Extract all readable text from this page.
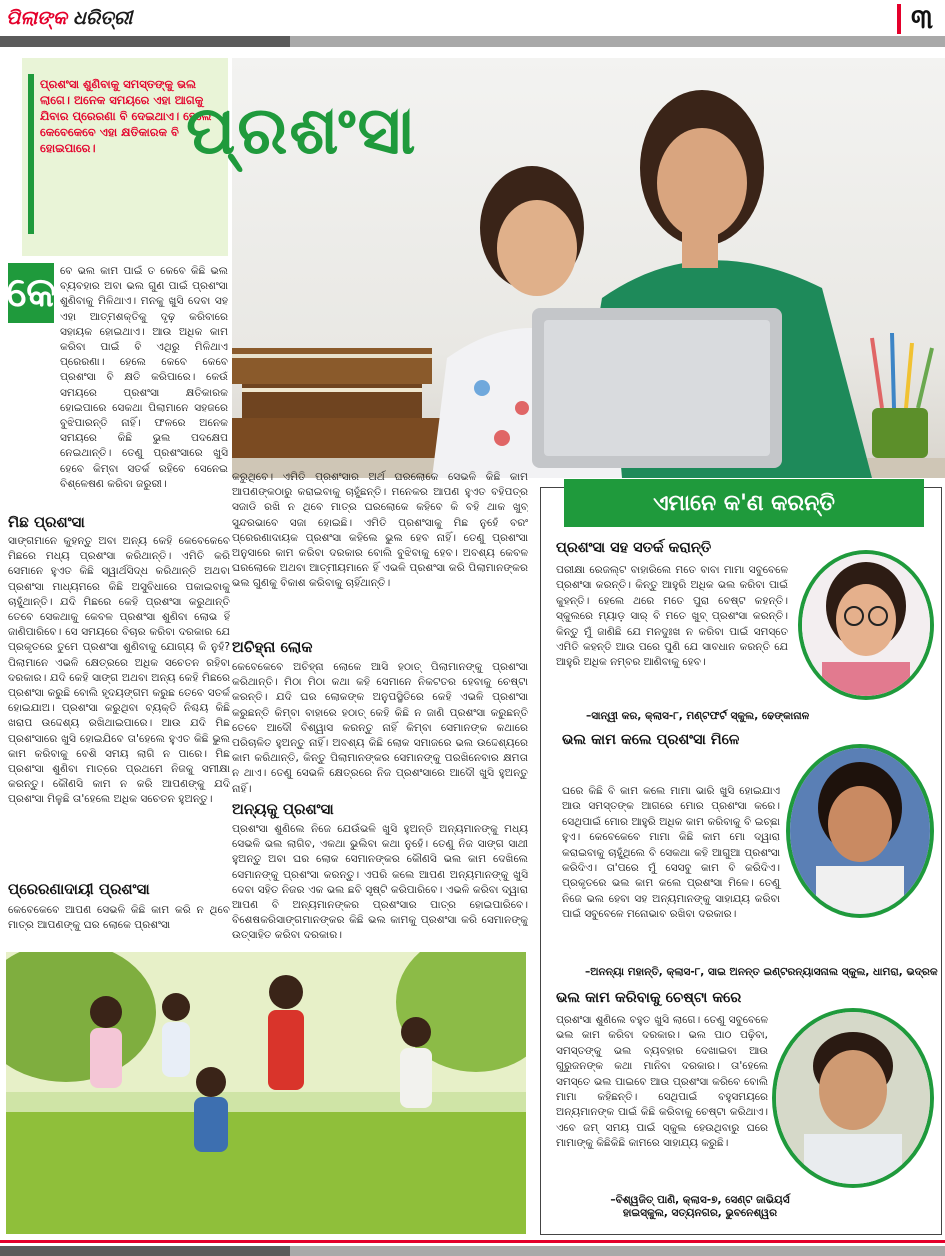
ପିଲାଙ୍କ ଧରିତ୍ରୀ	୩
ପ୍ରଶଂସା ଶୁଣିବାକୁ ସମସ୍ତଙ୍କୁ ଭଲ ଲାଗେ। ଅନେକ ସମୟରେ ଏହା ଆଗକୁ ଯିବାର ପ୍ରେରଣା ବି ଦେଇଥାଏ। ହେଲେ କେବେକେବେ ଏହା କ୍ଷତିକାରକ ବି ହୋଇପାରେ।	ପ୍ରଶଂସା
କେ ବେ ଭଲ କାମ ପାଇଁ ତ କେବେ କିଛି ଭଲ ବ୍ୟବହାର ଅବା ଭଲ ଗୁଣ ପାଇଁ ପ୍ରଶଂସା ଶୁଣିବାକୁ ମିଳିଥାଏ। ମନକୁ ଖୁସି ଦେବା ସହ ଏହା ଆତ୍ମଶକ୍ତିକୁ ଦୃଢ଼ କରିବାରେ ସହାୟକ ହୋଇଥାଏ। ଆଉ ଅଧିକ କାମ କରିବା ପାଇଁ ବି ଏଥିରୁ ମିଳିଥାଏ ପ୍ରେରଣା। ହେଲେ କେବେ କେବେ ପ୍ରଶଂସା ବି କ୍ଷତି କରିପାରେ। କେଉଁ ସମୟରେ ପ୍ରଶଂସା କ୍ଷତିକାରକ ହୋଇପାରେ ସେକଥା ପିଲାମାନେ ସହଜରେ ବୁଝିପାରନ୍ତି ନାହିଁ। ଫଳରେ ଅନେକ ସମୟରେ କିଛି ଭୁଲ ପଦକ୍ଷେପ ନେଇଥାନ୍ତି। ତେଣୁ ପ୍ରଶଂସାରେ ଖୁସି ହେବେ କିମ୍ବା ସତର୍କ ରହିବେ ସେନେଇ ବିଶ୍ଳେଷଣ କରିବା ଜରୁରୀ।
ମିଛ ପ୍ରଶଂସା
ସାଙ୍ଗମାନେ କୁହନ୍ତୁ ଅବା ଅନ୍ୟ କେହି କେବେକେବେ ମିଛରେ ମଧ୍ୟ ପ୍ରଶଂସା କରିଥାନ୍ତି। ଏମିତି କରି ସେମାନେ ହୁଏତ କିଛି ସ୍ୱାର୍ଥସିଦ୍ଧ କରିଥାନ୍ତି ଅଥବା ପ୍ରଶଂସା ମାଧ୍ୟମରେ କିଛି ଅସୁବିଧାରେ ପକାଇବାକୁ ଚାହୁଁଥାନ୍ତି। ଯଦି ମିଛରେ କେହି ପ୍ରଶଂସା କରୁଥାନ୍ତି ତେବେ ସେକଥାକୁ କେବଳ ପ୍ରଶଂସା ଶୁଣିବା ଲୋଭ ହିଁ ଜାଣିପାରିବେ। ସେ ସମୟରେ ବିଚାର କରିବା ଦରକାର ଯେ ପ୍ରକୃତରେ ତୁମେ ପ୍ରଶଂସା ଶୁଣିବାକୁ ଯୋଗ୍ୟ କି ନୁହଁ? ପିଲାମାନେ ଏଭଳି କ୍ଷେତ୍ରରେ ଅଧିକ ସଚେତନ ରହିବା ଦରକାର। ଯଦି କେହି ସାଙ୍ଗ ଅଥବା ଅନ୍ୟ କେହି ମିଛରେ ପ୍ରଶଂସା କରୁଛି ବୋଲି ହୃଦୟଙ୍ଗମ କରୁଛ ତେବେ ସତର୍କ ହୋଇଯାଅ। ପ୍ରଶଂସା କରୁଥିବା ବ୍ୟକ୍ତି ନିଶ୍ଚୟ କିଛି ଖରାପ ଉଦ୍ଦେଶ୍ୟ ରଖିଥାଇପାରେ। ଆଉ ଯଦି ମିଛ ପ୍ରଶଂସାରେ ଖୁସି ହୋଇଯିବେ ତା'ହେଲେ ହୁଏତ କିଛି ଭୁଲ କାମ କରିବାକୁ ବେଶି ସମୟ ଲାଗି ନ ପାରେ। ମିଛ ପ୍ରଶଂସା ଶୁଣିବା ମାତ୍ରେ ପ୍ରଥମେ ନିଜକୁ ସମୀକ୍ଷା କରନ୍ତୁ। କୌଣସି କାମ ନ କରି ଆପଣଙ୍କୁ ଯଦି ପ୍ରଶଂସା ମିଳୁଛି ତା'ହେଲେ ଅଧିକ ସଚେତନ ହୁଅନ୍ତୁ।
ପ୍ରେରଣାଦାୟୀ ପ୍ରଶଂସା
କେବେକେବେ ଆପଣ ସେଭଳି କିଛି କାମ କରି ନ ଥିବେ ମାତ୍ର ଆପଣଙ୍କୁ ଘର ଲୋକେ ପ୍ରଶଂସା
କରୁଥିବେ। ଏମିତି ପ୍ରଶଂସାର ଅର୍ଥ ଘରଲୋକେ ସେଭଳି କିଛି କାମ ଆପଣଙ୍କଠାରୁ କରାଇବାକୁ ଚାହୁଁଛନ୍ତି। ମନେକର ଆପଣ ହୁଏତ ବହିପତ୍ର ସଜାଡି ରଖି ନ ଥିବେ ମାତ୍ର ଘରଲୋକେ କହିବେ କି ବହି ଥାକ ଖୁବ୍ ସୁନ୍ଦରଭାବେ ସଜା ହୋଇଛି। ଏମିତି ପ୍ରଶଂସାକୁ ମିଛ ନୁହେଁ ବରଂ ପ୍ରେରଣାଦାୟକ ପ୍ରଶଂସା କହିଲେ ଭୁଲ ହେବ ନାହିଁ। ତେଣୁ ପ୍ରଶଂସା ଅନୁସାରେ କାମ କରିବା ଦରକାର ବୋଲି ବୁଝିବାକୁ ହେବ। ଅବଶ୍ୟ କେବଳ ଘରଲୋକେ ଅଥବା ଆତ୍ମୀୟମାନେ ହିଁ ଏଭଳି ପ୍ରଶଂସା କରି ପିଲାମାନଙ୍କର ଭଲ ଗୁଣକୁ ବିକାଶ କରିବାକୁ ଚାହିଁଥାନ୍ତି।
ଅଚିହ୍ନା ଲୋକ
କେବେକେବେ ଅଚିହ୍ନା ଲୋକେ ଆସି ହଠାତ୍ ପିଲାମାନଙ୍କୁ ପ୍ରଶଂସା କରିଥାନ୍ତି। ମିଠା ମିଠା କଥା କହି ସେମାନେ ନିକଟତର ହେବାକୁ ଚେଷ୍ଟା କରନ୍ତି। ଯଦି ଘର ଲୋକଙ୍କ ଅନୁପସ୍ଥିତିରେ କେହି ଏଭଳି ପ୍ରଶଂସା କରୁଛନ୍ତି କିମ୍ବା ବାହାରେ ହଠାତ୍ କେହି କିଛି ନ ଜାଣି ପ୍ରଶଂସା କରୁଛନ୍ତି ତେବେ ଆଦୌ ବିଶ୍ୱାସ କରନ୍ତୁ ନାହିଁ କିମ୍ବା ସେମାନଙ୍କ କଥାରେ ପରିଚାଳିତ ହୁଅନ୍ତୁ ନାହିଁ। ଅବଶ୍ୟ କିଛି ଲୋକ ସମାଜରେ ଭଲ ଉଦ୍ଦେଶ୍ୟରେ କାମ କରିଥାନ୍ତି, କିନ୍ତୁ ପିଲାମାନଙ୍କର ସେମାନଙ୍କୁ ପରଖିନେବାର କ୍ଷମତା ନ ଥାଏ। ତେଣୁ ସେଭଳି କ୍ଷେତ୍ରରେ ନିଜ ପ୍ରଶଂସାରେ ଆଦୌ ଖୁସି ହୁଅନ୍ତୁ ନାହିଁ।
ଅନ୍ୟକୁ ପ୍ରଶଂସା
ପ୍ରଶଂସା ଶୁଣିଲେ ନିଜେ ଯେଉଁଭଳି ଖୁସି ହୁଅନ୍ତି ଅନ୍ୟମାନଙ୍କୁ ମଧ୍ୟ ସେଭଳି ଭଲ ଲାଗିବ, ଏକଥା ଭୁଲିବା କଥା ନୁହେଁ। ତେଣୁ ନିଜ ସାଙ୍ଗ ସାଥୀ ହୁଅନ୍ତୁ ଅବା ଘର ଲୋକ ସେମାନଙ୍କର କୌଣସି ଭଲ କାମ ଦେଖିଲେ ସେମାନଙ୍କୁ ପ୍ରଶଂସା କରନ୍ତୁ। ଏପରି କଲେ ଆପଣ ଅନ୍ୟମାନଙ୍କୁ ଖୁସି ଦେବା ସହିତ ନିଜର ଏକ ଭଲ ଛବି ସୃଷ୍ଟି କରିପାରିବେ। ଏଭଳି କରିବା ଦ୍ୱାରା ଆପଣ ବି ଅନ୍ୟମାନଙ୍କର ପ୍ରଶଂସାର ପାତ୍ର ହୋଇପାରିବେ। ବିଶେଷକରିସାଙ୍ଗମାନଙ୍କର କିଛି ଭଲ କାମକୁ ପ୍ରଶଂସା କରି ସେମାନଙ୍କୁ ଉତ୍ସାହିତ କରିବା ଦରକାର।
ଏମାନେ କ'ଣ କରନ୍ତି
ପ୍ରଶଂସା ସହ ସତର୍କ କରାନ୍ତି
ପରୀକ୍ଷା ରେଜଲ୍ଟ ବାହାରିଲେ ମତେ ବାବା ମାମା ସବୁବେଳେ ପ୍ରଶଂସା କରନ୍ତି। କିନ୍ତୁ ଆହୁରି ଅଧିକ ଭଲ କରିବା ପାଇଁ କୁହନ୍ତି। ହେଲେ ଥରେ ମତେ ପୁରା ବେଷ୍ଟ କହନ୍ତି। ସ୍କୁଲରେ ମ୍ୟାଡ଼ ସାର୍ ବି ମତେ ଖୁବ୍ ପ୍ରଶଂସା କରନ୍ତି। କିନ୍ତୁ ମୁଁ ଜାଣିଛି ଯେ ମନଦୁଃଖ ନ କରିବା ପାଇଁ ସମସ୍ତେ ଏମିତି କହନ୍ତି ଆଉ ପରେ ପୁଣି ଯେ ସାବଧାନ କରନ୍ତି ଯେ ଆହୁରି ଅଧିକ ନମ୍ବର ଆଣିବାକୁ ହେବ।
–ସାନ୍ୱୀ କର, କ୍ଲାସ-୮, ମଣ୍ଟଫର୍ଟ ସ୍କୁଲ, ଢେଙ୍କାନାଳ
ଭଲ କାମ କଲେ ପ୍ରଶଂସା ମିଳେ
ଘରେ କିଛି ବି କାମ କଲେ ମାମା ଭାରି ଖୁସି ହୋଇଯାଏ ଆଉ ସମସ୍ତଙ୍କ ଆଗରେ ମୋର ପ୍ରଶଂସା କରେ। ସେଥିପାଇଁ ମୋର ଆହୁରି ଅଧିକ କାମ କରିବାକୁ ବି ଇଚ୍ଛା ହୁଏ। କେବେକେବେ ମାମା କିଛି କାମ ମୋ ଦ୍ୱାରା କରାଇବାକୁ ଚାହୁଁଥିଲେ ବି ସେକଥା କହି ଆଗୁଆ ପ୍ରଶଂସା କରିଦିଏ। ତା'ପରେ ମୁଁ ସେସବୁ କାମ ବି କରିଦିଏ। ପ୍ରକୃତରେ ଭଲ କାମ କଲେ ପ୍ରଶଂସା ମିଳେ। ତେଣୁ ନିଜେ ଭଲ ହେବା ସହ ଅନ୍ୟମାନଙ୍କୁ ସାହାଯ୍ୟ କରିବା ପାଇଁ ସବୁବେଳେ ମନୋଭାବ ରଖିବା ଦରକାର।
–ଅନନ୍ୟା ମହାନ୍ତି, କ୍ଲାସ-୮, ସାଇ ଅନନ୍ତ ଇଣ୍ଟରନ୍ୟାସନାଲ ସ୍କୁଲ, ଧାମରା, ଭଦ୍ରକ
ଭଲ କାମ କରିବାକୁ ଚେଷ୍ଟା କରେ
ପ୍ରଶଂସା ଶୁଣିଲେ ବହୁତ ଖୁସି ଲାଗେ। ତେଣୁ ସବୁବେଳେ ଭଲ କାମ କରିବା ଦରକାର। ଭଲ ପାଠ ପଢ଼ିବା, ସମସ୍ତଙ୍କୁ ଭଲ ବ୍ୟବହାର ଦେଖାଇବା ଆଉ ଗୁରୁଜନଙ୍କ କଥା ମାନିବା ଦରକାର। ତା'ହେଲେ ସମସ୍ତେ ଭଲ ପାଇବେ ଆଉ ପ୍ରଶଂସା କରିବେ ବୋଲି ମାମା କହିଛନ୍ତି। ସେଥିପାଇଁ ବହୁସମୟରେ ଅନ୍ୟମାନଙ୍କ ପାଇଁ କିଛି କରିବାକୁ ଚେଷ୍ଟା କରିଥାଏ। ଏବେ ଜମ୍ ସମୟ ପାଇଁ ସ୍କୁଲ ହେଉଥିବାରୁ ଘରେ ମାମାଙ୍କୁ କିଛିକିଛି କାମରେ ସାହାଯ୍ୟ କରୁଛି।
–ବିଶ୍ୱଜିତ୍ ପାଣି, କ୍ଲାସ-୭, ସେଣ୍ଟ ଜାଭିୟର୍ସ ହାଇସ୍କୁଲ, ସତ୍ୟନଗର, ଭୁବନେଶ୍ୱର
